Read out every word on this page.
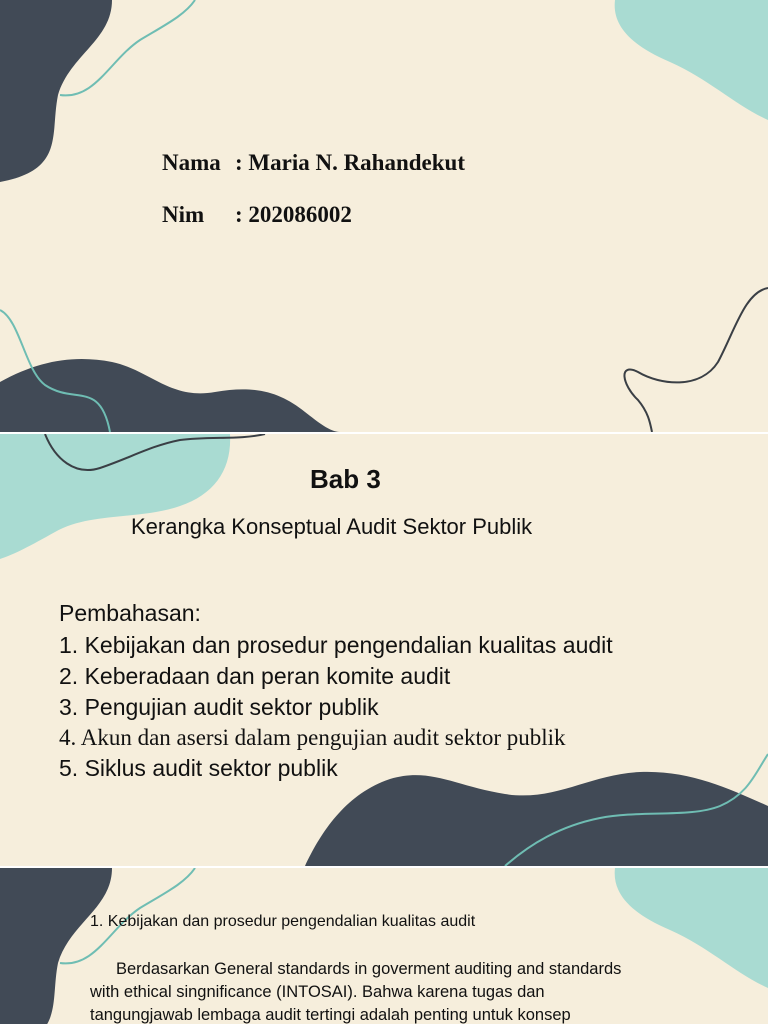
Nama : Maria N. Rahandekut

Nim : 202086002

Bab 3

Kerangka Konseptual Audit Sektor Publik

Pembahasan:

1. Kebijakan dan prosedur pengendalian kualitas audit

2. Keberadaan dan peran komite audit

3. Pengujian audit sektor publik

4. Akun dan asersi dalam pengujian audit sektor publik

5. Siklus audit sektor publik

1. Kebijakan dan prosedur pengendalian kualitas audit

Berdasarkan General standards in goverment auditing and standards

with ethical singnificance (INTOSAI). Bahwa karena tugas dan

tangungjawab lembaga audit tertingi adalah penting untuk konsep
